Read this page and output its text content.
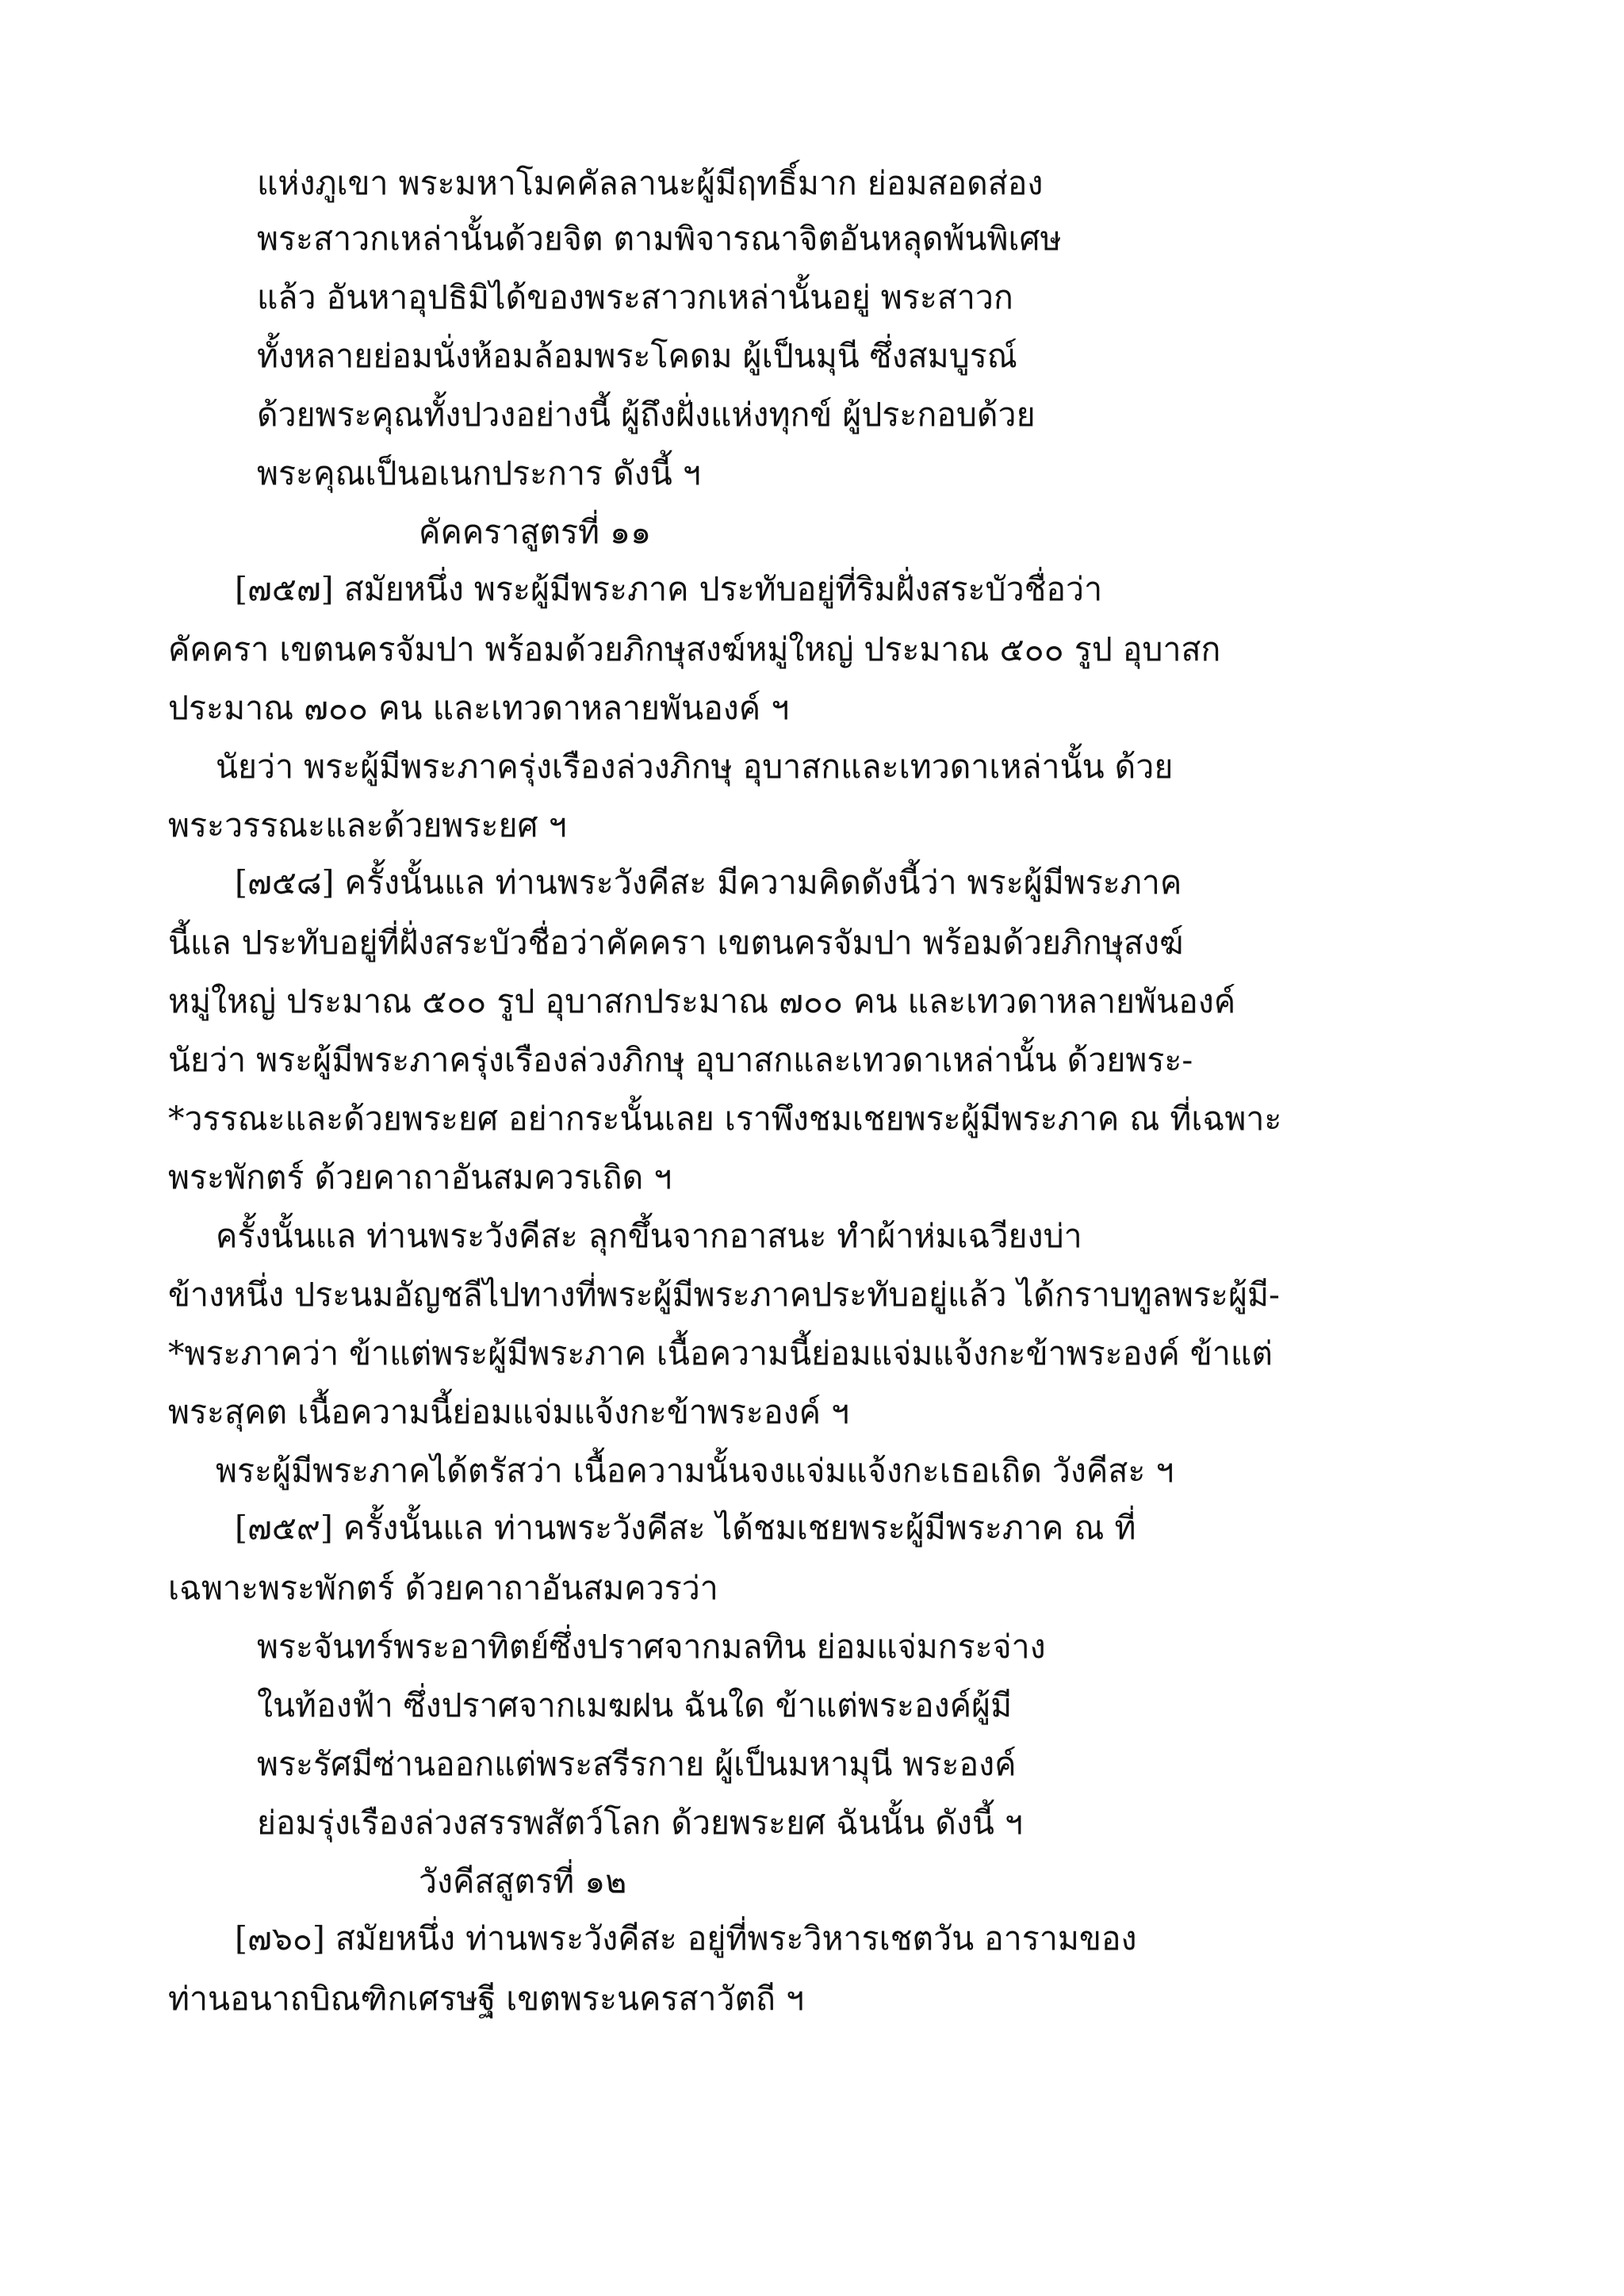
แห่งภูเขา พระมหาโมคคัลลานะผู้มีฤทธิ์มาก ย่อมสอดส่อง
พระสาวกเหล่านั้นด้วยจิต ตามพิจารณาจิตอันหลุดพ้นพิเศษ
แล้ว อันหาอุปธิมิได้ของพระสาวกเหล่านั้นอยู่ พระสาวก
ทั้งหลายย่อมนั่งห้อมล้อมพระโคดม ผู้เป็นมุนี ซึ่งสมบูรณ์
ด้วยพระคุณทั้งปวงอย่างนี้ ผู้ถึงฝั่งแห่งทุกข์ ผู้ประกอบด้วย
พระคุณเป็นอเนกประการ ดังนี้ ฯ
คัคคราสูตรที่ ๑๑
[๗๕๗] สมัยหนึ่ง พระผู้มีพระภาค ประทับอยู่ที่ริมฝั่งสระบัวชื่อว่า
คัคครา เขตนครจัมปา พร้อมด้วยภิกษุสงฆ์หมู่ใหญ่ ประมาณ ๕๐๐ รูป อุบาสก
ประมาณ ๗๐๐ คน และเทวดาหลายพันองค์ ฯ
นัยว่า พระผู้มีพระภาครุ่งเรืองล่วงภิกษุ อุบาสกและเทวดาเหล่านั้น ด้วย
พระวรรณะและด้วยพระยศ ฯ
[๗๕๘] ครั้งนั้นแล ท่านพระวังคีสะ มีความคิดดังนี้ว่า พระผู้มีพระภาค
นี้แล ประทับอยู่ที่ฝั่งสระบัวชื่อว่าคัคครา เขตนครจัมปา พร้อมด้วยภิกษุสงฆ์
หมู่ใหญ่ ประมาณ ๕๐๐ รูป อุบาสกประมาณ ๗๐๐ คน และเทวดาหลายพันองค์
นัยว่า พระผู้มีพระภาครุ่งเรืองล่วงภิกษุ อุบาสกและเทวดาเหล่านั้น ด้วยพระ-
*วรรณะและด้วยพระยศ อย่ากระนั้นเลย เราพึงชมเชยพระผู้มีพระภาค ณ ที่เฉพาะ
พระพักตร์ ด้วยคาถาอันสมควรเถิด ฯ
ครั้งนั้นแล ท่านพระวังคีสะ ลุกขึ้นจากอาสนะ ทำผ้าห่มเฉวียงบ่า
ข้างหนึ่ง ประนมอัญชลีไปทางที่พระผู้มีพระภาคประทับอยู่แล้ว ได้กราบทูลพระผู้มี-
*พระภาคว่า ข้าแต่พระผู้มีพระภาค เนื้อความนี้ย่อมแจ่มแจ้งกะข้าพระองค์ ข้าแต่
พระสุคต เนื้อความนี้ย่อมแจ่มแจ้งกะข้าพระองค์ ฯ
พระผู้มีพระภาคได้ตรัสว่า เนื้อความนั้นจงแจ่มแจ้งกะเธอเถิด วังคีสะ ฯ
[๗๕๙] ครั้งนั้นแล ท่านพระวังคีสะ ได้ชมเชยพระผู้มีพระภาค ณ ที่
เฉพาะพระพักตร์ ด้วยคาถาอันสมควรว่า
พระจันทร์พระอาทิตย์ซึ่งปราศจากมลทิน ย่อมแจ่มกระจ่าง
ในท้องฟ้า ซึ่งปราศจากเมฆฝน ฉันใด ข้าแต่พระองค์ผู้มี
พระรัศมีซ่านออกแต่พระสรีรกาย ผู้เป็นมหามุนี พระองค์
ย่อมรุ่งเรืองล่วงสรรพสัตว์โลก ด้วยพระยศ ฉันนั้น ดังนี้ ฯ
วังคีสสูตรที่ ๑๒
[๗๖๐] สมัยหนึ่ง ท่านพระวังคีสะ อยู่ที่พระวิหารเชตวัน อารามของ
ท่านอนาถบิณฑิกเศรษฐี เขตพระนครสาวัตถี ฯ
